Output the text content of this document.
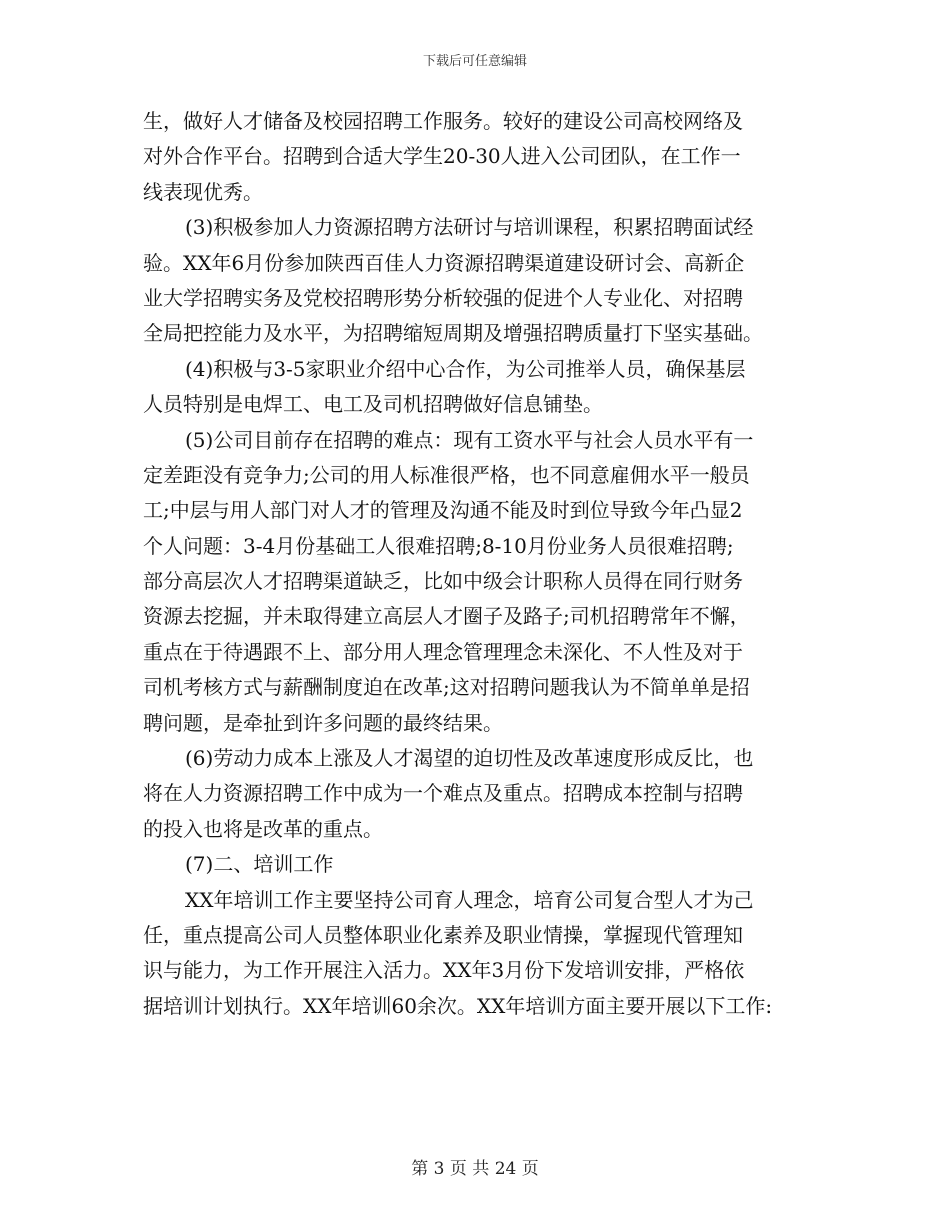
下载后可任意编辑
生，做好人才储备及校园招聘工作服务。较好的建设公司高校网络及
对外合作平台。招聘到合适大学生20-30人进入公司团队，在工作一
线表现优秀。
(3)积极参加人力资源招聘方法研讨与培训课程，积累招聘面试经
验。XX年6月份参加陕西百佳人力资源招聘渠道建设研讨会、高新企
业大学招聘实务及党校招聘形势分析较强的促进个人专业化、对招聘
全局把控能力及水平，为招聘缩短周期及增强招聘质量打下坚实基础。
(4)积极与3-5家职业介绍中心合作，为公司推举人员，确保基层
人员特别是电焊工、电工及司机招聘做好信息铺垫。
(5)公司目前存在招聘的难点：现有工资水平与社会人员水平有一
定差距没有竞争力;公司的用人标准很严格，也不同意雇佣水平一般员
工;中层与用人部门对人才的管理及沟通不能及时到位导致今年凸显2
个人问题：3-4月份基础工人很难招聘;8-10月份业务人员很难招聘;
部分高层次人才招聘渠道缺乏，比如中级会计职称人员得在同行财务
资源去挖掘，并未取得建立高层人才圈子及路子;司机招聘常年不懈，
重点在于待遇跟不上、部分用人理念管理理念未深化、不人性及对于
司机考核方式与薪酬制度迫在改革;这对招聘问题我认为不简单单是招
聘问题，是牵扯到许多问题的最终结果。
(6)劳动力成本上涨及人才渴望的迫切性及改革速度形成反比，也
将在人力资源招聘工作中成为一个难点及重点。招聘成本控制与招聘
的投入也将是改革的重点。
(7)二、培训工作
XX年培训工作主要坚持公司育人理念，培育公司复合型人才为己
任，重点提高公司人员整体职业化素养及职业情操，掌握现代管理知
识与能力，为工作开展注入活力。XX年3月份下发培训安排，严格依
据培训计划执行。XX年培训60余次。XX年培训方面主要开展以下工作:
第 3 页 共 24 页
